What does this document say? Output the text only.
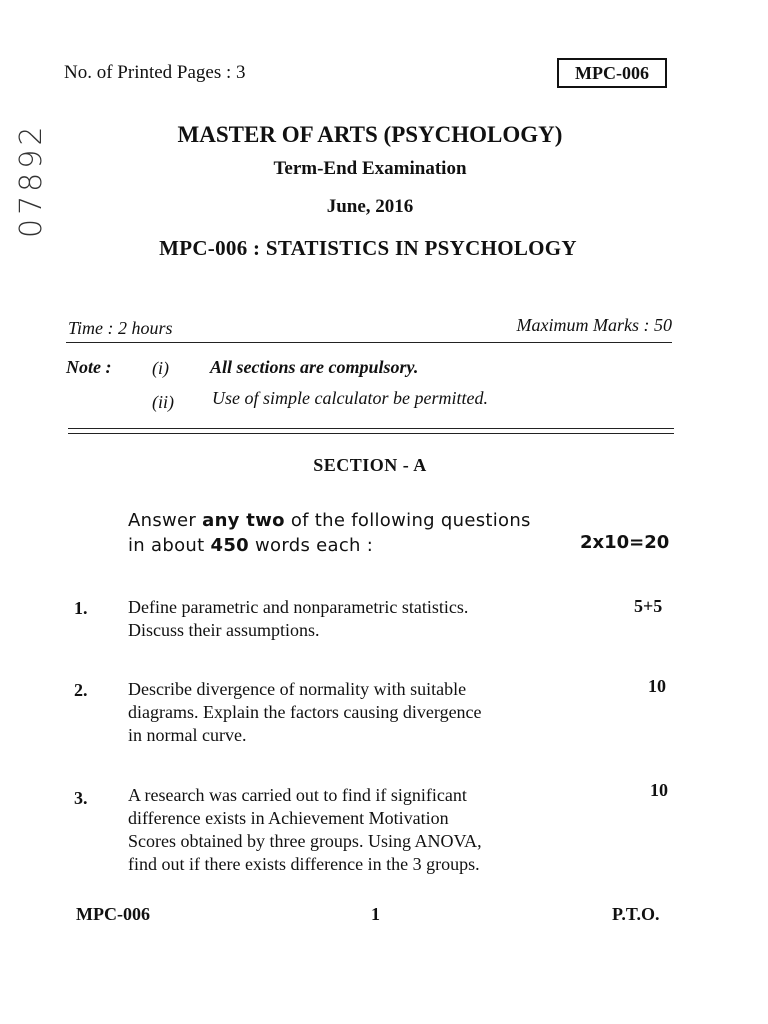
No. of Printed Pages : 3	MPC-006
07892	MASTER OF ARTS (PSYCHOLOGY)
Term-End Examination
June, 2016
MPC-006 : STATISTICS IN PSYCHOLOGY
Time : 2 hours	Maximum Marks : 50
Note : (i) All sections are compulsory.
(ii) Use of simple calculator be permitted.
SECTION - A
Answer any two of the following questions
in about 450 words each :	2x10=20
1. Define parametric and nonparametric statistics.
Discuss their assumptions.
5+5
2. Describe divergence of normality with suitable
diagrams. Explain the factors causing divergence
in normal curve.
10
3. A research was carried out to find if significant
difference exists in Achievement Motivation
Scores obtained by three groups. Using ANOVA,
find out if there exists difference in the 3 groups.
10
MPC-006	1	P.T.O.
